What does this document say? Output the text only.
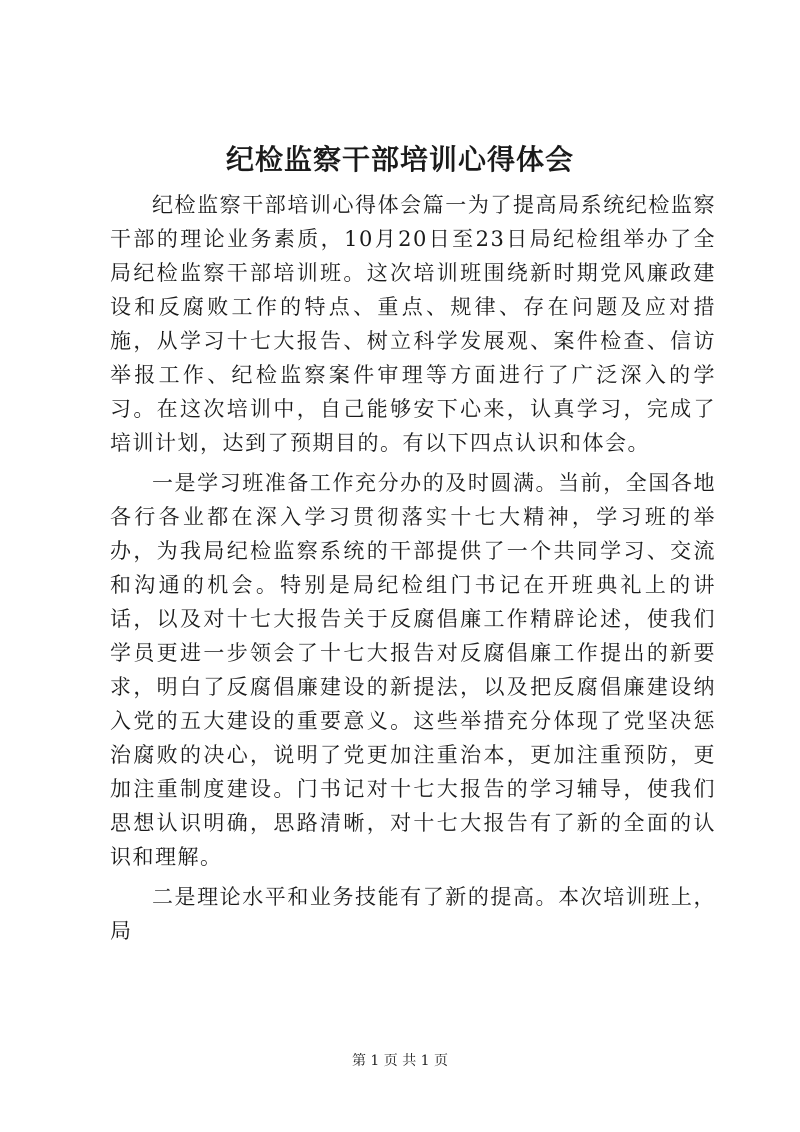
纪检监察干部培训心得体会

纪检监察干部培训心得体会篇一为了提高局系统纪检监察干部的理论业务素质，10月20日至23日局纪检组举办了全局纪检监察干部培训班。这次培训班围绕新时期党风廉政建设和反腐败工作的特点、重点、规律、存在问题及应对措施，从学习十七大报告、树立科学发展观、案件检查、信访举报工作、纪检监察案件审理等方面进行了广泛深入的学习。在这次培训中，自己能够安下心来，认真学习，完成了培训计划，达到了预期目的。有以下四点认识和体会。

一是学习班准备工作充分办的及时圆满。当前，全国各地各行各业都在深入学习贯彻落实十七大精神，学习班的举办，为我局纪检监察系统的干部提供了一个共同学习、交流和沟通的机会。特别是局纪检组门书记在开班典礼上的讲话，以及对十七大报告关于反腐倡廉工作精辟论述，使我们学员更进一步领会了十七大报告对反腐倡廉工作提出的新要求，明白了反腐倡廉建设的新提法，以及把反腐倡廉建设纳入党的五大建设的重要意义。这些举措充分体现了党坚决惩治腐败的决心，说明了党更加注重治本，更加注重预防，更加注重制度建设。门书记对十七大报告的学习辅导，使我们思想认识明确，思路清晰，对十七大报告有了新的全面的认识和理解。

二是理论水平和业务技能有了新的提高。本次培训班上，局

第 1 页 共 1 页
